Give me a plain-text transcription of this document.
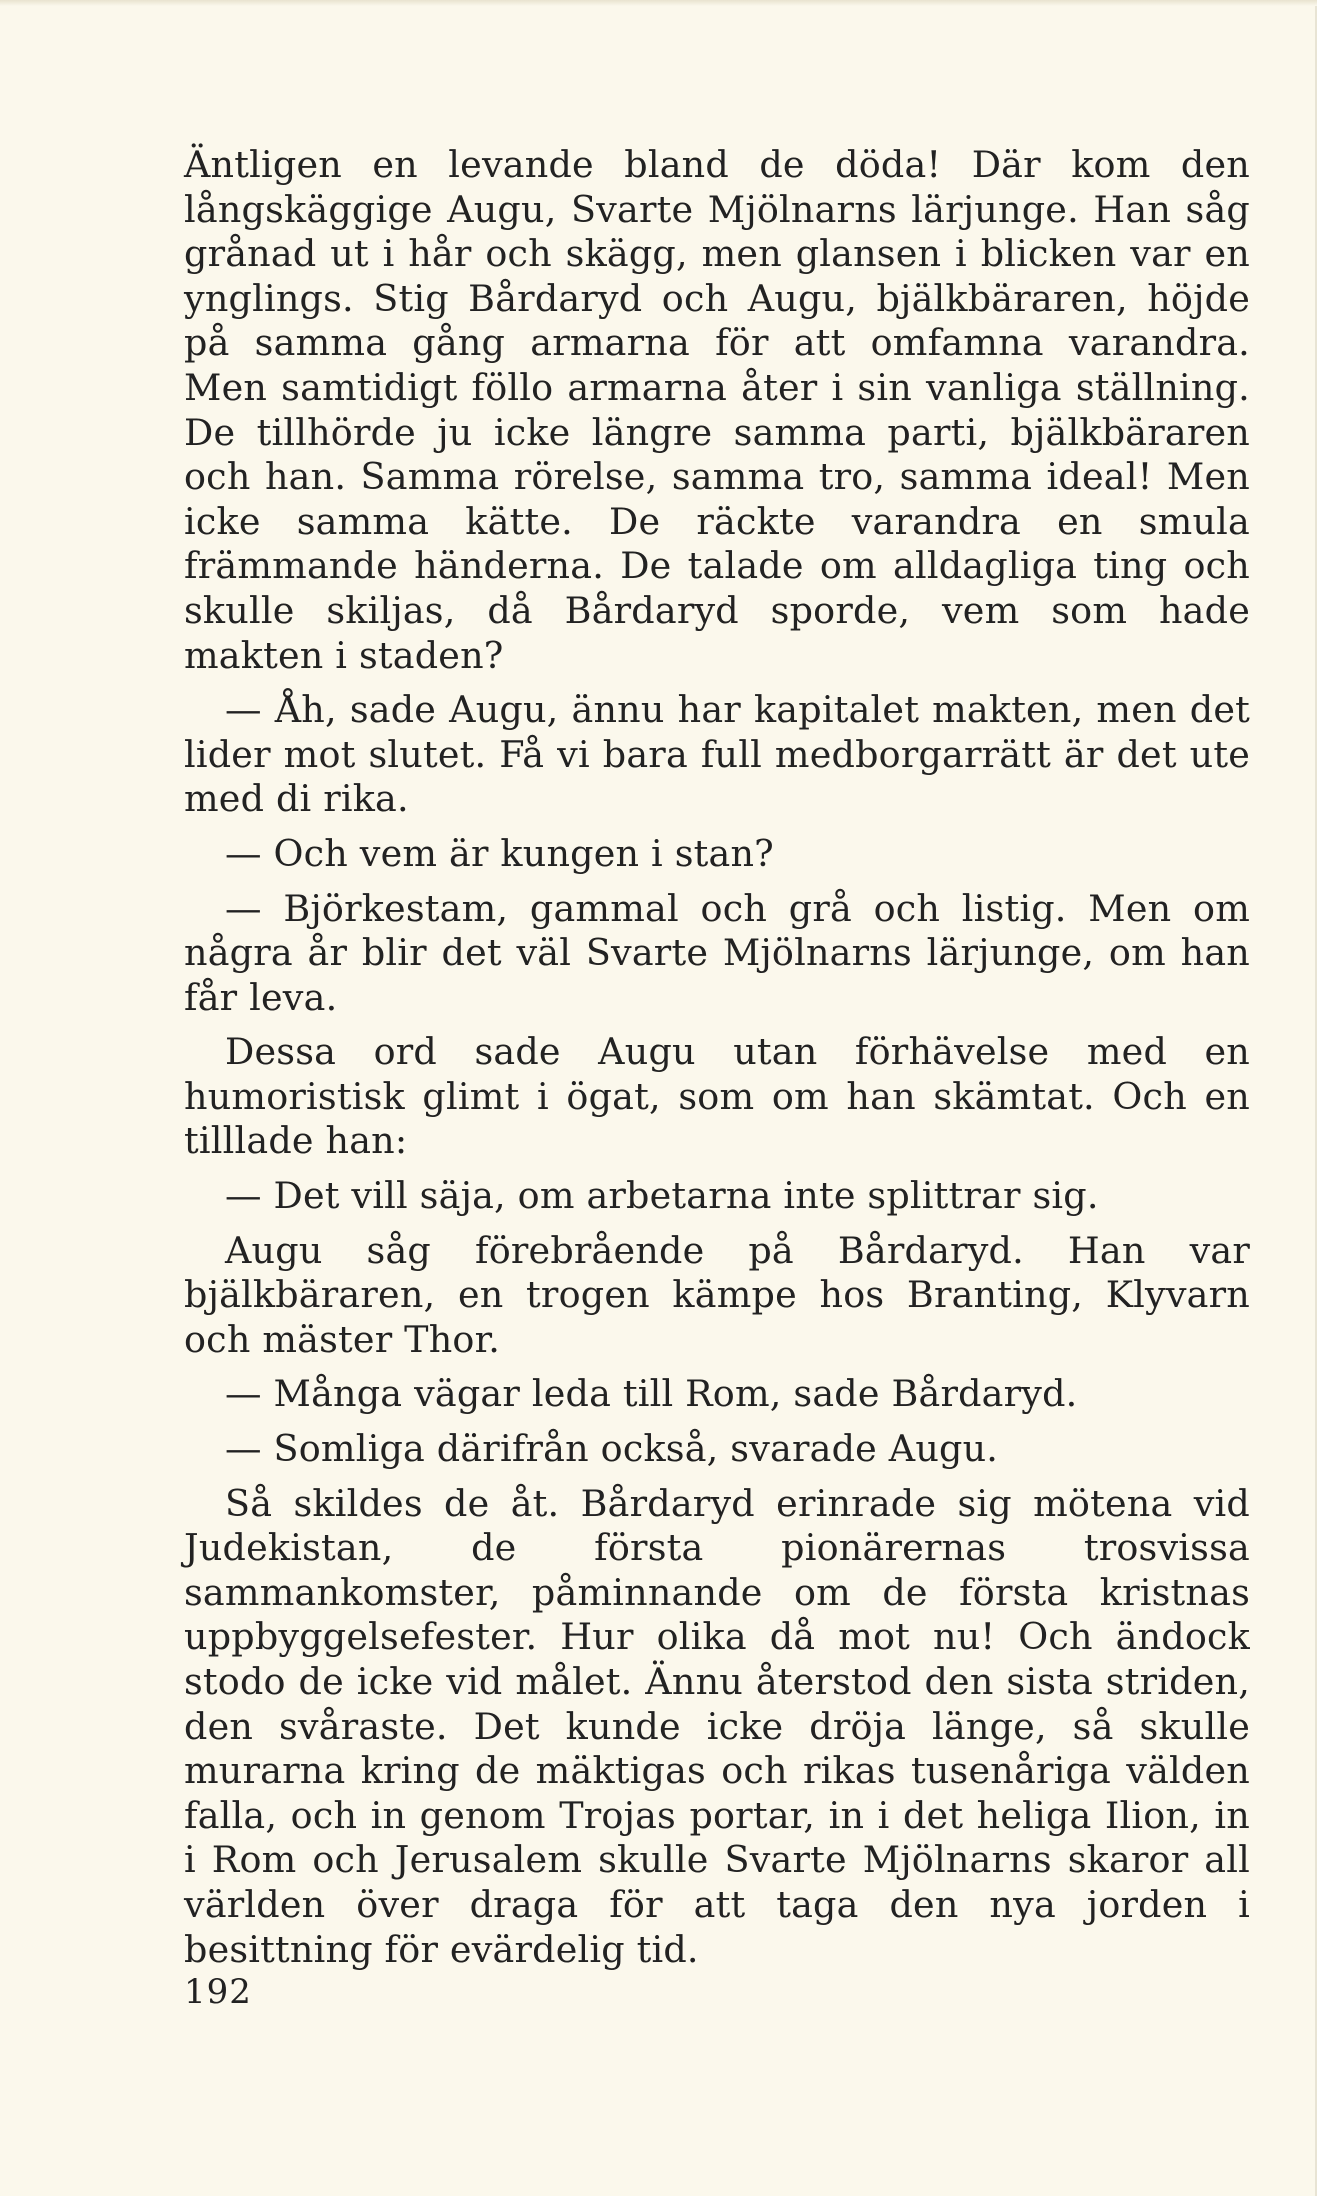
Äntligen en levande bland de döda! Där kom den långskäggige Augu, Svarte Mjölnarns lärjunge. Han såg grånad ut i hår och skägg, men glansen i blicken var en ynglings. Stig Bårdaryd och Augu, bjälkbäraren, höjde på samma gång armarna för att omfamna varandra. Men samtidigt föllo armarna åter i sin vanliga ställning. De tillhörde ju icke längre samma parti, bjälkbäraren och han. Samma rörelse, samma tro, samma ideal! Men icke samma kätte. De räckte varandra en smula främmande händerna. De talade om alldagliga ting och skulle skiljas, då Bårdaryd sporde, vem som hade makten i staden?

— Åh, sade Augu, ännu har kapitalet makten, men det lider mot slutet. Få vi bara full medborgarrätt är det ute med di rika.

— Och vem är kungen i stan?

— Björkestam, gammal och grå och listig. Men om några år blir det väl Svarte Mjölnarns lärjunge, om han får leva.

Dessa ord sade Augu utan förhävelse med en humoristisk glimt i ögat, som om han skämtat. Och en tilllade han:

— Det vill säja, om arbetarna inte splittrar sig.

Augu såg förebrående på Bårdaryd. Han var bjälkbäraren, en trogen kämpe hos Branting, Klyvarn och mäster Thor.

— Många vägar leda till Rom, sade Bårdaryd.

— Somliga därifrån också, svarade Augu.

Så skildes de åt. Bårdaryd erinrade sig mötena vid Judekistan, de första pionärernas trosvissa sammankomster, påminnande om de första kristnas uppbyggelsefester. Hur olika då mot nu! Och ändock stodo de icke vid målet. Ännu återstod den sista striden, den svåraste. Det kunde icke dröja länge, så skulle murarna kring de mäktigas och rikas tusenåriga välden falla, och in genom Trojas portar, in i det heliga Ilion, in i Rom och Jerusalem skulle Svarte Mjölnarns skaror all världen över draga för att taga den nya jorden i besittning för evärdelig tid.

192
